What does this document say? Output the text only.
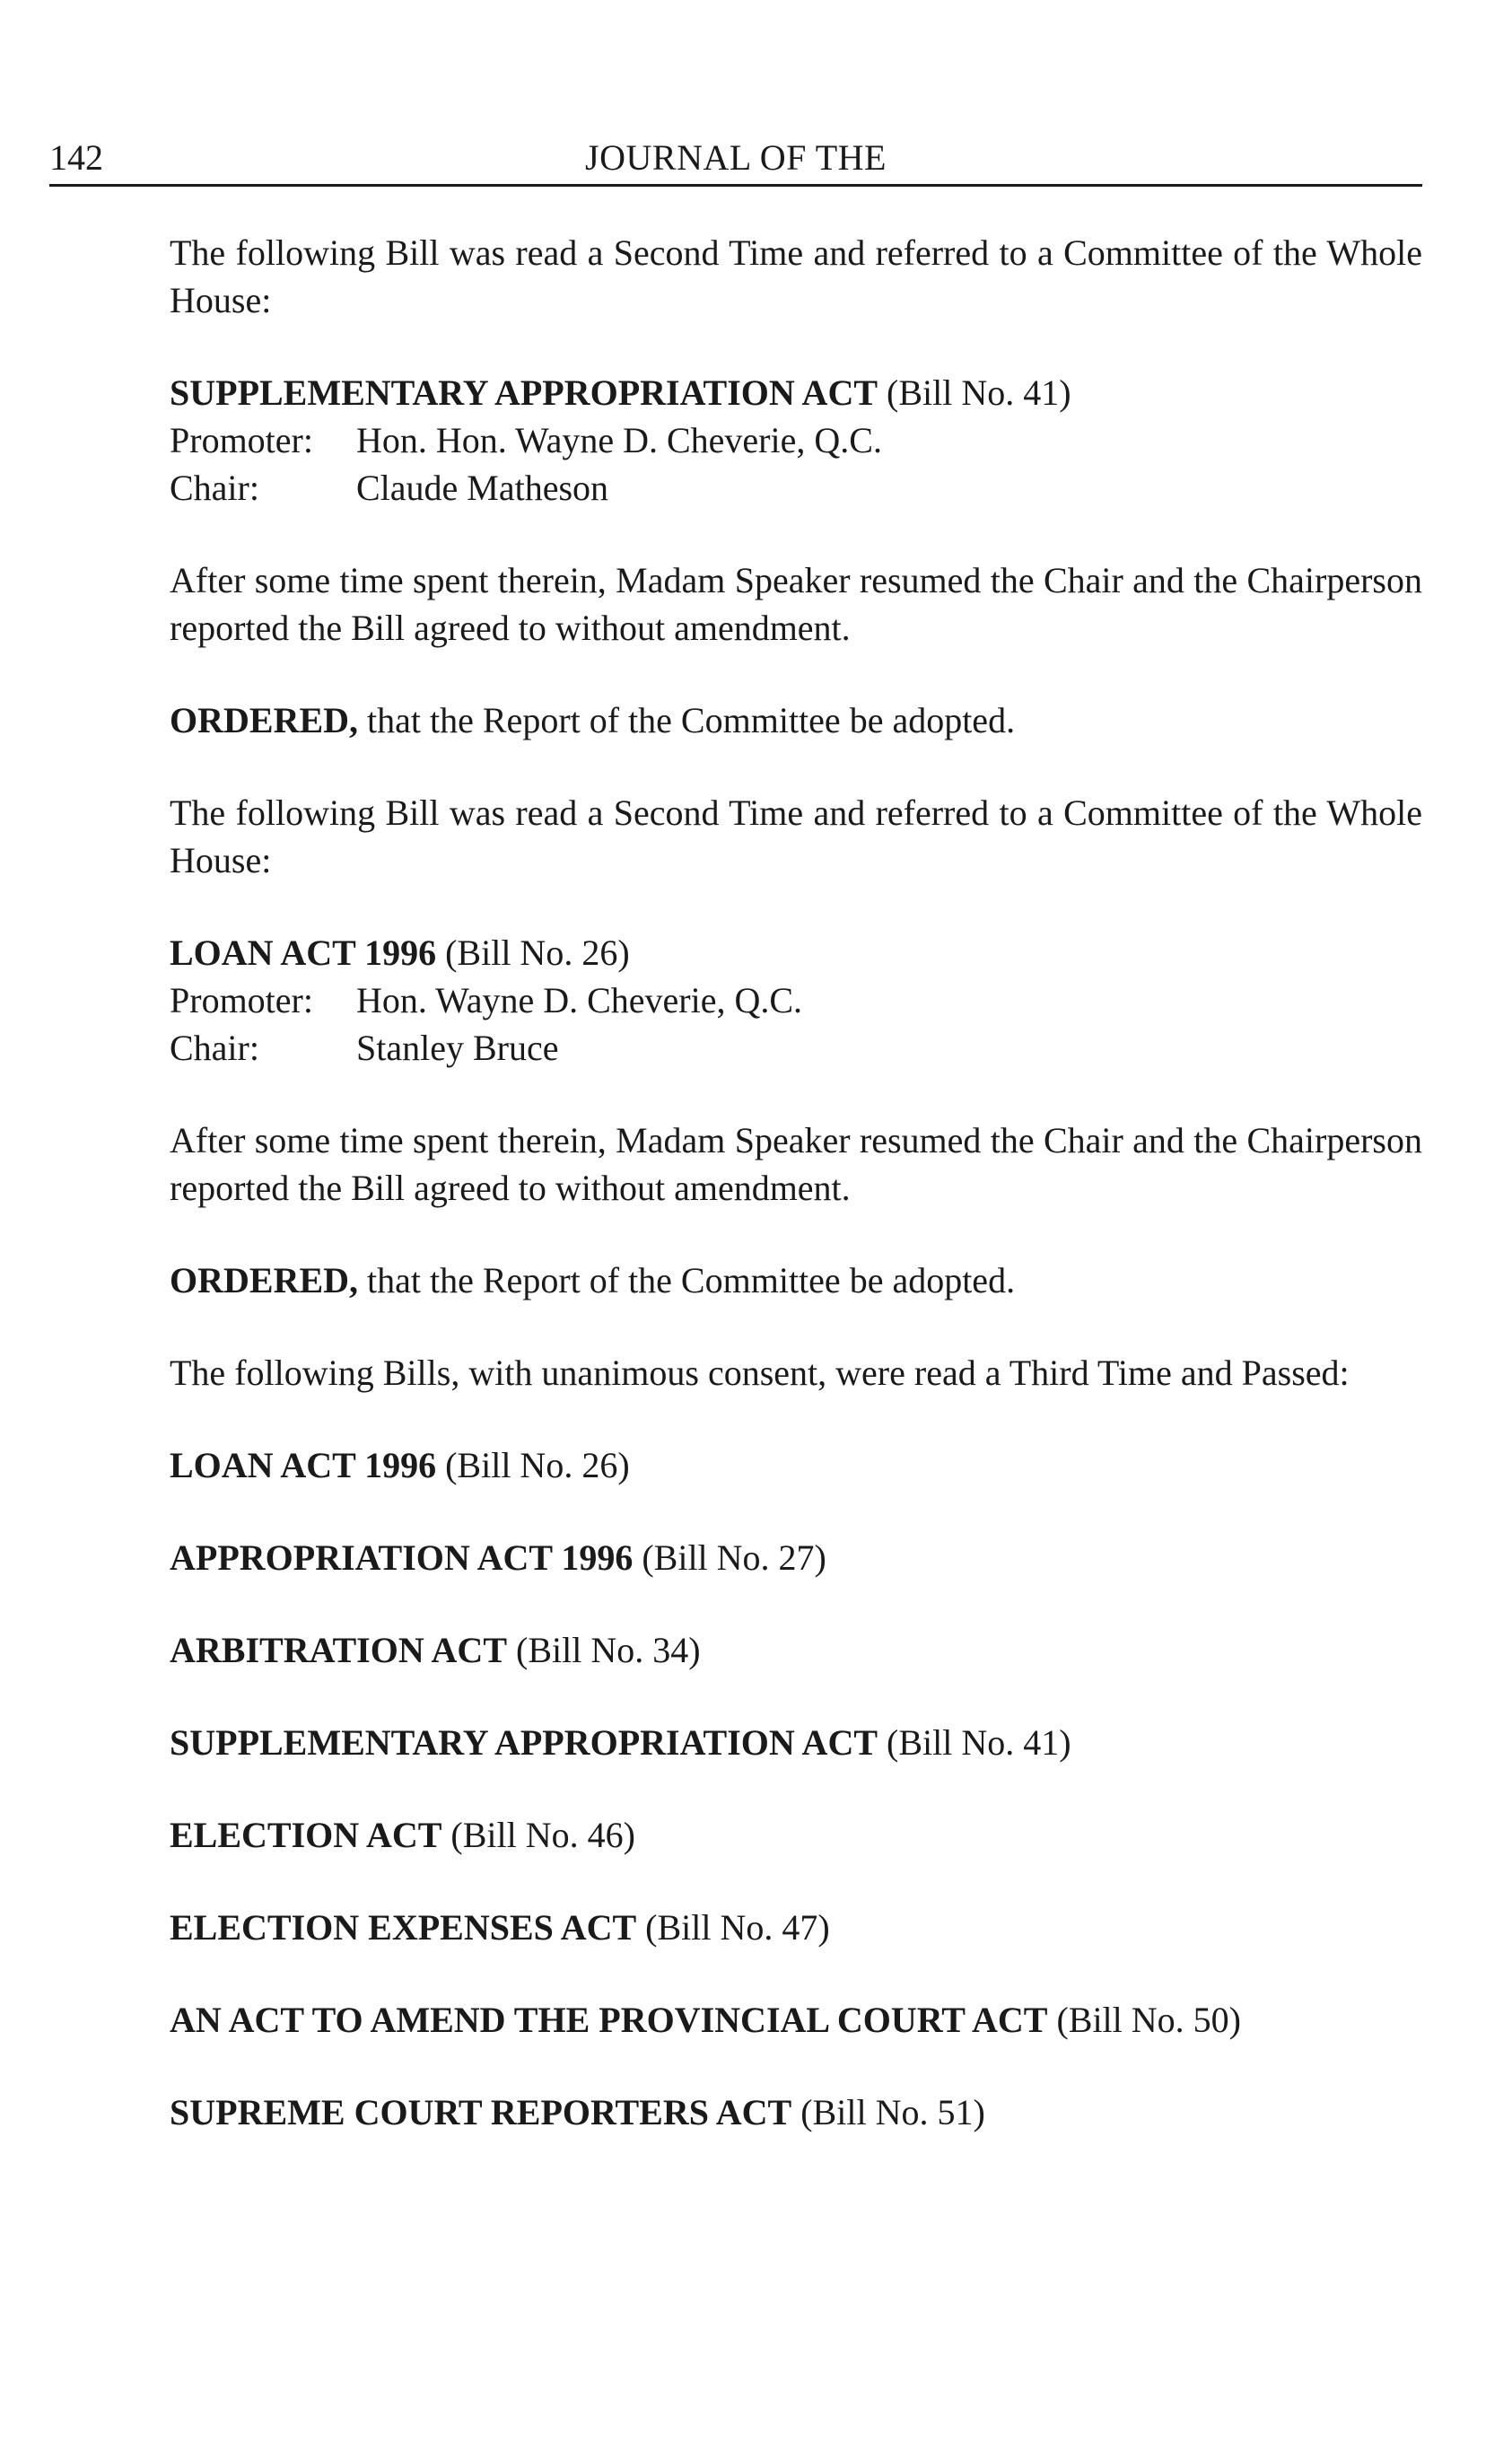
142	JOURNAL OF THE

The following Bill was read a Second Time and referred to a Committee of the Whole House:

SUPPLEMENTARY APPROPRIATION ACT (Bill No. 41)

Promoter:	Hon. Hon. Wayne D. Cheverie, Q.C.
Chair:	Claude Matheson

After some time spent therein, Madam Speaker resumed the Chair and the Chairperson reported the Bill agreed to without amendment.

ORDERED, that the Report of the Committee be adopted.

The following Bill was read a Second Time and referred to a Committee of the Whole House:

LOAN ACT 1996 (Bill No. 26)

Promoter:	Hon. Wayne D. Cheverie, Q.C.
Chair:	Stanley Bruce

After some time spent therein, Madam Speaker resumed the Chair and the Chairperson reported the Bill agreed to without amendment.

ORDERED, that the Report of the Committee be adopted.

The following Bills, with unanimous consent, were read a Third Time and Passed:

LOAN ACT 1996 (Bill No. 26)

APPROPRIATION ACT 1996 (Bill No. 27)

ARBITRATION ACT (Bill No. 34)

SUPPLEMENTARY APPROPRIATION ACT (Bill No. 41)

ELECTION ACT (Bill No. 46)

ELECTION EXPENSES ACT (Bill No. 47)

AN ACT TO AMEND THE PROVINCIAL COURT ACT (Bill No. 50)

SUPREME COURT REPORTERS ACT (Bill No. 51)
